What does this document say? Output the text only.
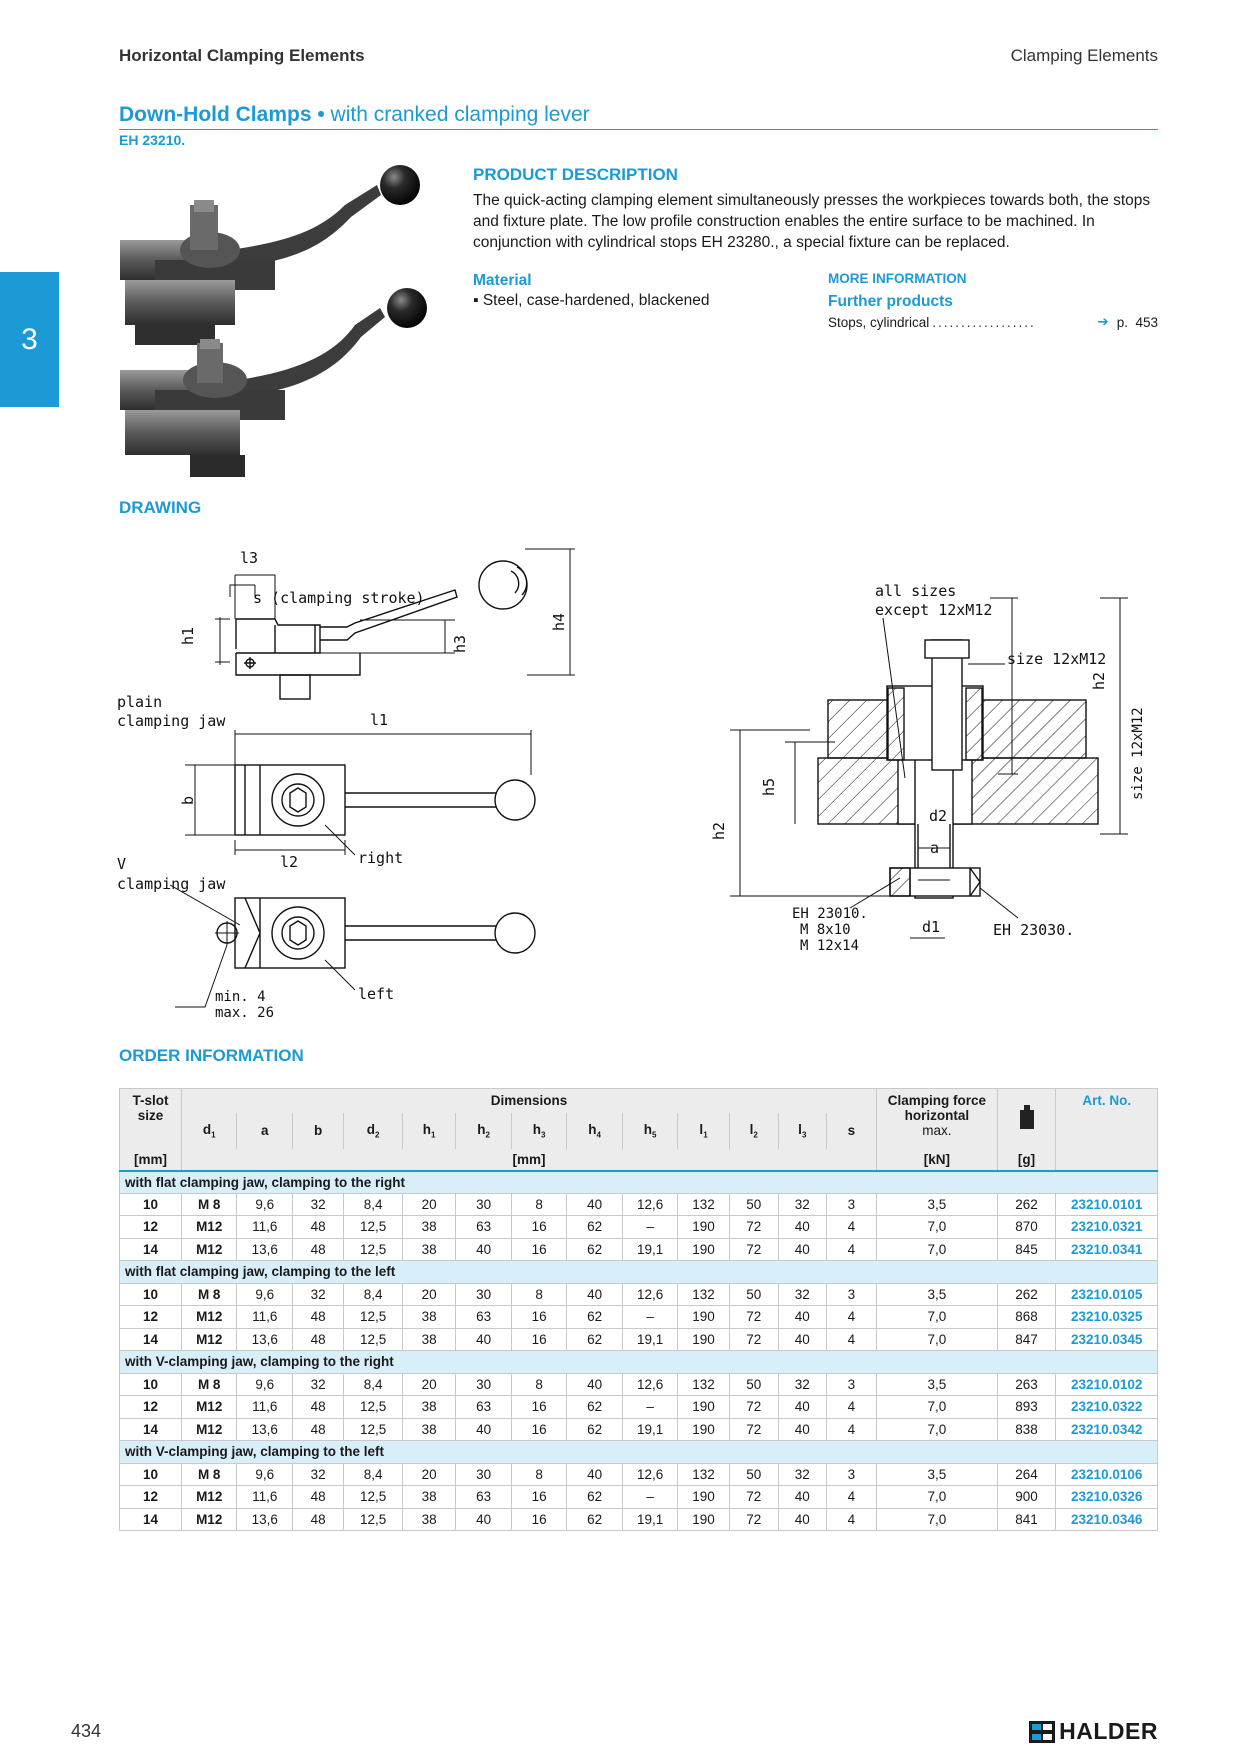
Horizontal Clamping Elements	Clamping Elements
Down-Hold Clamps • with cranked clamping lever
EH 23210.
3
PRODUCT DESCRIPTION
The quick-acting clamping element simultaneously presses the workpieces towards both, the stops and fixture plate. The low profile construction enables the entire surface to be machined. In conjunction with cylindrical stops EH 23280., a special fixture can be replaced.
Material
▪ Steel, case-hardened, blackened
MORE INFORMATION
Further products
Stops, cylindrical ..................	➔ p.
453
DRAWING
l3
s (clamping stroke)
h1	h3
h4
plain
clamping jaw	l1
b
l2	right
V
clamping jaw
left
min. 4
max. 26
all sizes
except 12xM12
size 12xM12
h2
size 12xM12
h5
h2
d2
a
d1
EH 23010.
M 8x10
M 12x14
EH 23030.
ORDER INFORMATION
T-slot size	Dimensions													Clamping force horizontal
max.		Art. No.
	$d_1$	a	b	$d_2$	$h_1$	$h_2$	$h_3$	$h_4$	$h_5$	$l_1$	$l_2$	$l_3$	s			
[mm]	[mm]													[kN]	[g]	
with flat clamping jaw, clamping to the right																
10	M 8	9,6	32	8,4	20	30	8	40	12,6	132	50	32	3	3,5	262	23210.0101
12	M12	11,6	48	12,5	38	63	16	62	–	190	72	40	4	7,0	870	23210.0321
14	M12	13,6	48	12,5	38	40	16	62	19,1	190	72	40	4	7,0	845	23210.0341
with flat clamping jaw, clamping to the left																
10	M 8	9,6	32	8,4	20	30	8	40	12,6	132	50	32	3	3,5	262	23210.0105
12	M12	11,6	48	12,5	38	63	16	62	–	190	72	40	4	7,0	868	23210.0325
14	M12	13,6	48	12,5	38	40	16	62	19,1	190	72	40	4	7,0	847	23210.0345
with V-clamping jaw, clamping to the right																
10	M 8	9,6	32	8,4	20	30	8	40	12,6	132	50	32	3	3,5	263	23210.0102
12	M12	11,6	48	12,5	38	63	16	62	–	190	72	40	4	7,0	893	23210.0322
14	M12	13,6	48	12,5	38	40	16	62	19,1	190	72	40	4	7,0	838	23210.0342
with V-clamping jaw, clamping to the left																
10	M 8	9,6	32	8,4	20	30	8	40	12,6	132	50	32	3	3,5	264	23210.0106
12	M12	11,6	48	12,5	38	63	16	62	–	190	72	40	4	7,0	900	23210.0326
14	M12	13,6	48	12,5	38	40	16	62	19,1	190	72	40	4	7,0	841	23210.0346
434	HALDER
